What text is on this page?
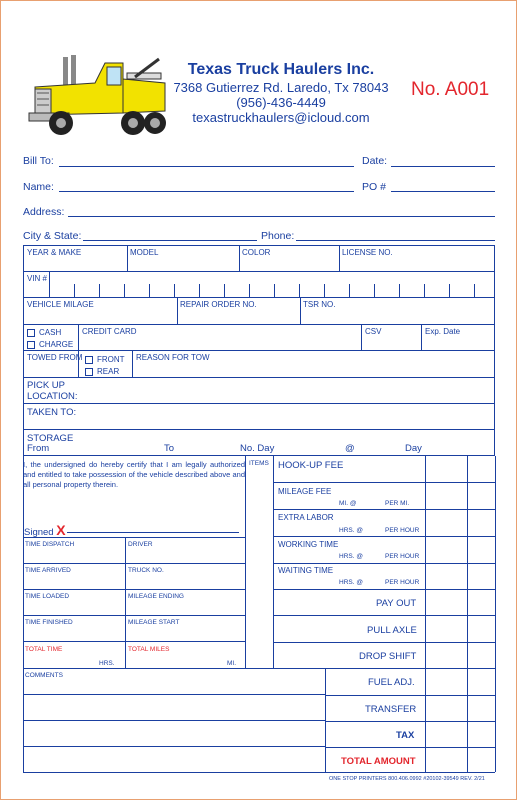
Texas Truck Haulers Inc.
7368 Gutierrez Rd. Laredo, Tx 78043
(956)-436-4449
texastruckhaulers@icloud.com
No. A001
Bill To:	Date:
Name:	PO #
Address:
City & State:	Phone:
YEAR & MAKE	MODEL	COLOR	LICENSE NO.
VIN #
VEHICLE MILAGE	REPAIR ORDER NO.	TSR NO.
CASH
CHARGE
CREDIT CARD	CSV	Exp. Date
TOWED FROM	FRONT
REAR
REASON FOR TOW
PICK UP
LOCATION:
TAKEN TO:
STORAGE
From	To	No. Day	@	Day
I, the undersigned do hereby certify that I am legally authorized and entitled to take possession of the vehicle described above and all personal property therein.
Signed X
TIME DISPATCH	DRIVER
TIME ARRIVED	TRUCK NO.
TIME LOADED	MILEAGE ENDING
TIME FINISHED	MILEAGE START
TOTAL TIME
HRS.
TOTAL MILES
MI.
COMMENTS
ITEMS HOOK-UP FEE
MILEAGE FEE
MI. @	PER MI.
EXTRA LABOR
HRS. @	PER HOUR
WORKING TIME
HRS. @	PER HOUR
WAITING TIME
HRS. @	PER HOUR
PAY OUT
PULL AXLE
DROP SHIFT
FUEL ADJ.
TRANSFER
TAX
TOTAL AMOUNT
ONE STOP PRINTERS 800.406.0992 #20102-39549 REV. 2/21
